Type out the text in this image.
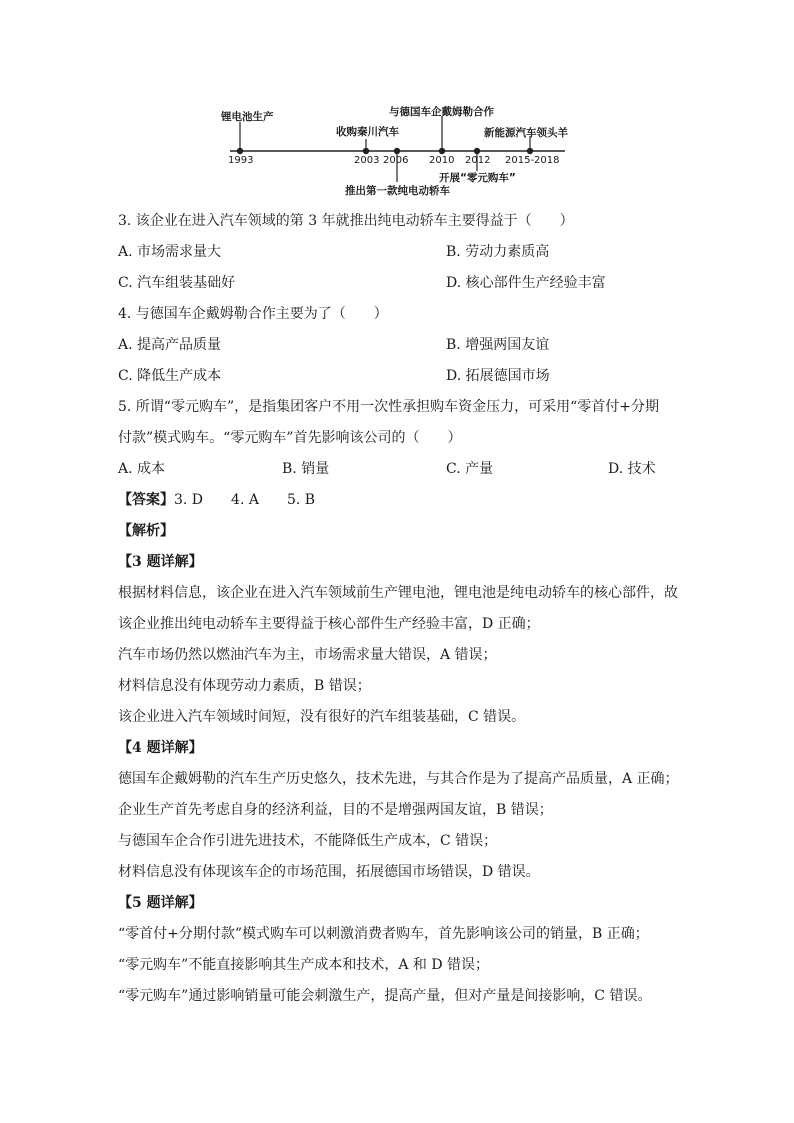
锂电池生产
收购秦川汽车
与德国车企戴姆勒合作
新能源汽车领头羊
开展“零元购车”
推出第一款纯电动轿车
1993	2003 2006 2010 2012 2015-2018
3. 该企业在进入汽车领域的第 3 年就推出纯电动轿车主要得益于（　　）
A. 市场需求量大	B. 劳动力素质高
C. 汽车组装基础好	D. 核心部件生产经验丰富
4. 与德国车企戴姆勒合作主要为了（　　）
A. 提高产品质量	B. 增强两国友谊
C. 降低生产成本	D. 拓展德国市场
5. 所谓“零元购车”，是指集团客户不用一次性承担购车资金压力，可采用“零首付+分期
付款”模式购车。“零元购车”首先影响该公司的（　　）
A. 成本	B. 销量	C. 产量	D. 技术
【答案】3. D　　4. A　　5. B
【解析】
【3 题详解】
根据材料信息，该企业在进入汽车领域前生产锂电池，锂电池是纯电动轿车的核心部件，故
该企业推出纯电动轿车主要得益于核心部件生产经验丰富，D 正确；
汽车市场仍然以燃油汽车为主，市场需求量大错误，A 错误；
材料信息没有体现劳动力素质，B 错误；
该企业进入汽车领域时间短，没有很好的汽车组装基础，C 错误。
【4 题详解】
德国车企戴姆勒的汽车生产历史悠久，技术先进，与其合作是为了提高产品质量，A 正确；
企业生产首先考虑自身的经济利益，目的不是增强两国友谊，B 错误；
与德国车企合作引进先进技术，不能降低生产成本，C 错误；
材料信息没有体现该车企的市场范围，拓展德国市场错误，D 错误。
【5 题详解】
“零首付+分期付款”模式购车可以刺激消费者购车，首先影响该公司的销量，B 正确；
“零元购车”不能直接影响其生产成本和技术，A 和 D 错误；
“零元购车”通过影响销量可能会刺激生产，提高产量，但对产量是间接影响，C 错误。
